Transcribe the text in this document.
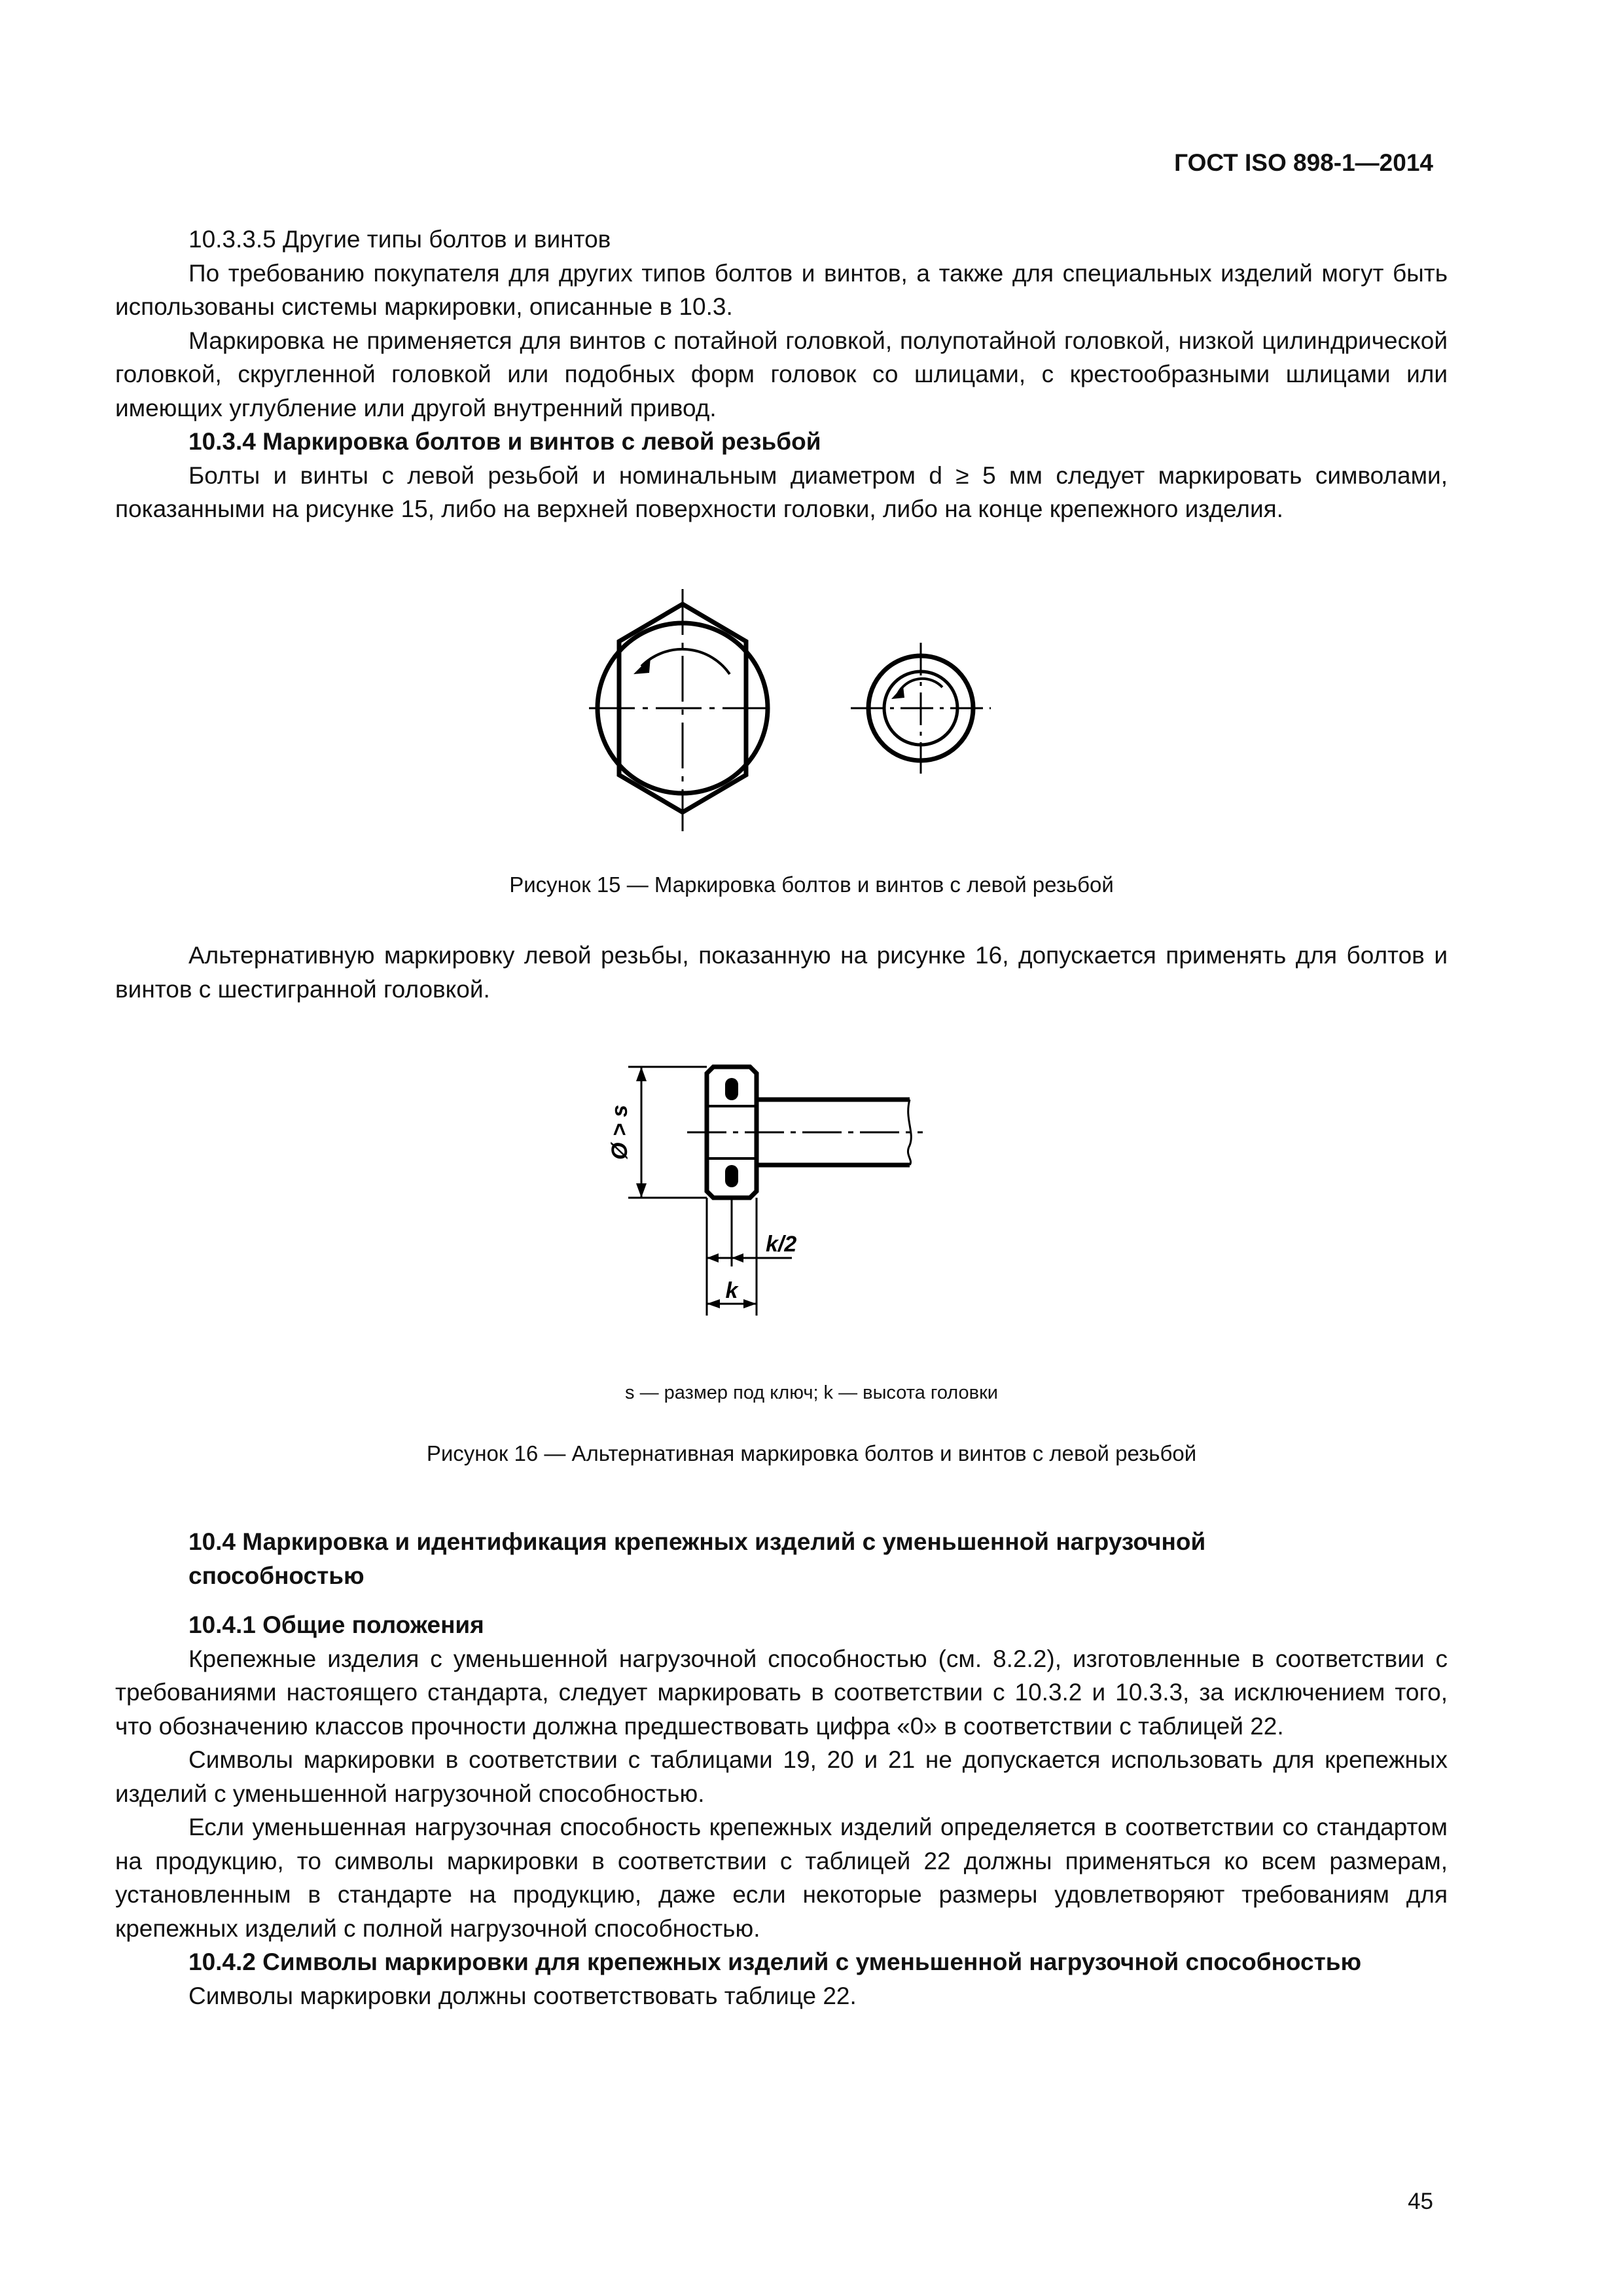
ГОСТ ISO 898-1—2014

10.3.3.5 Другие типы болтов и винтов

По требованию покупателя для других типов болтов и винтов, а также для специальных изделий могут быть использованы системы маркировки, описанные в 10.3.

Маркировка не применяется для винтов с потайной головкой, полупотайной головкой, низкой цилиндрической головкой, скругленной головкой или подобных форм головок со шлицами, с крестообразными шлицами или имеющих углубление или другой внутренний привод.

10.3.4 Маркировка болтов и винтов с левой резьбой

Болты и винты с левой резьбой и номинальным диаметром d ≥ 5 мм следует маркировать символами, показанными на рисунке 15, либо на верхней поверхности головки, либо на конце крепежного изделия.

Рисунок 15 — Маркировка болтов и винтов с левой резьбой

Альтернативную маркировку левой резьбы, показанную на рисунке 16, допускается применять для болтов и винтов с шестигранной головкой.

Ø > s
k/2
k
s — размер под ключ; k — высота головки
Рисунок 16 — Альтернативная маркировка болтов и винтов с левой резьбой

10.4 Маркировка и идентификация крепежных изделий с уменьшенной нагрузочной способностью

10.4.1 Общие положения

Крепежные изделия с уменьшенной нагрузочной способностью (см. 8.2.2), изготовленные в соответствии с требованиями настоящего стандарта, следует маркировать в соответствии с 10.3.2 и 10.3.3, за исключением того, что обозначению классов прочности должна предшествовать цифра «0» в соответствии с таблицей 22.

Символы маркировки в соответствии с таблицами 19, 20 и 21 не допускается использовать для крепежных изделий с уменьшенной нагрузочной способностью.

Если уменьшенная нагрузочная способность крепежных изделий определяется в соответствии со стандартом на продукцию, то символы маркировки в соответствии с таблицей 22 должны применяться ко всем размерам, установленным в стандарте на продукцию, даже если некоторые размеры удовлетворяют требованиям для крепежных изделий с полной нагрузочной способностью.

10.4.2 Символы маркировки для крепежных изделий с уменьшенной нагрузочной способностью

Символы маркировки должны соответствовать таблице 22.

45
